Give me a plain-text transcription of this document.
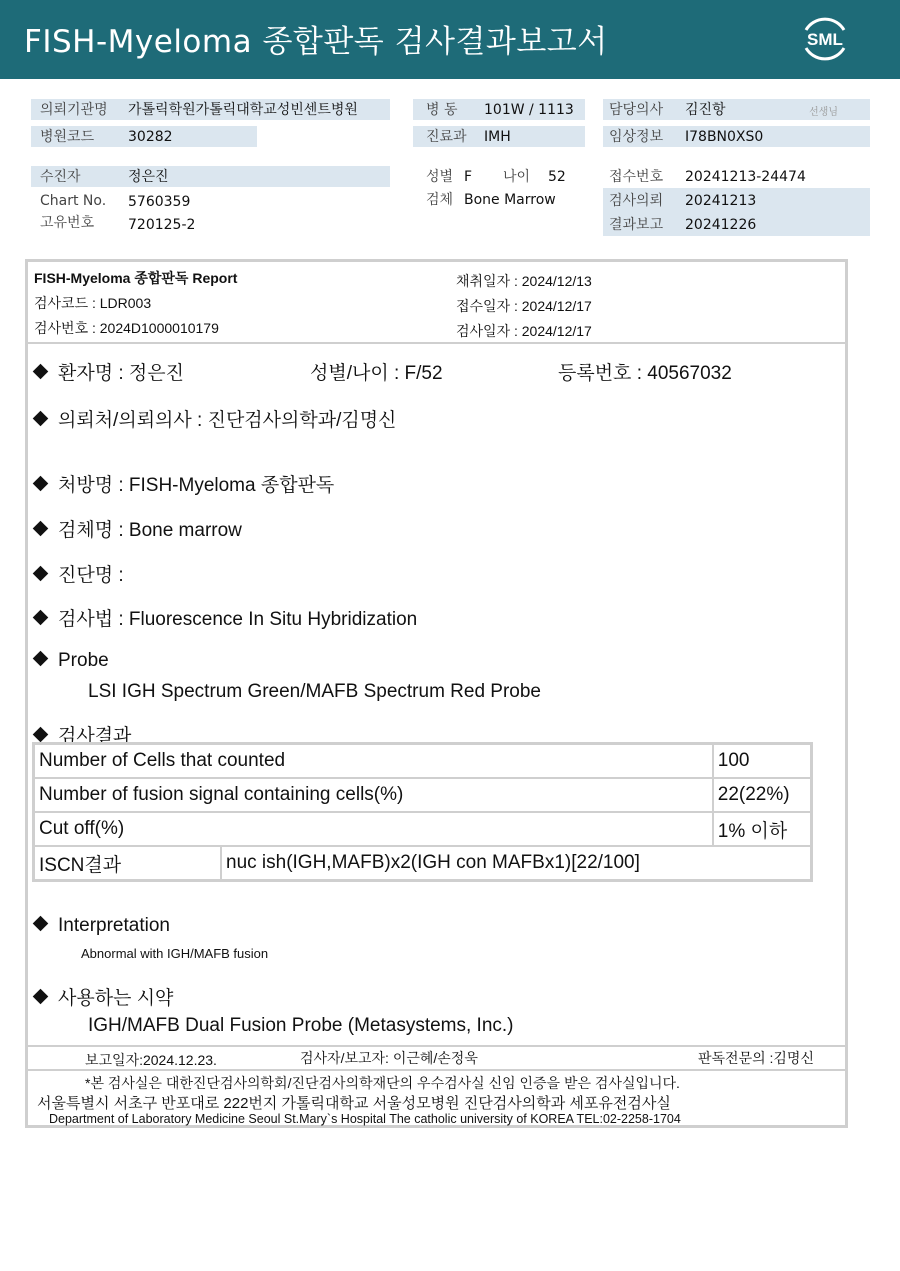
FISH-Myeloma 종합판독 검사결과보고서	SML
의뢰기관명 가톨릭학원가톨릭대학교성빈센트병원
병원코드 30282
병 동 101W / 1113
진료과 IMH
담당의사 김진항	선생님
임상정보 I78BN0XS0
수진자	정은진
Chart No. 5760359
고유번호 720125-2
성별 F 나이 52
검체 Bone Marrow
접수번호 20241213-24474
검사의뢰 20241213
결과보고 20241226
FISH-Myeloma 종합판독 Report
검사코드 : LDR003
검사번호 : 2024D1000010179
채취일자 : 2024/12/13
접수일자 : 2024/12/17
검사일자 : 2024/12/17
환자명 : 정은진	성별/나이 : F/52	등록번호 : 40567032
의뢰처/의뢰의사 : 진단검사의학과/김명신
처방명 : FISH-Myeloma 종합판독
검체명 : Bone marrow
진단명 :
검사법 : Fluorescence In Situ Hybridization
Probe
LSI IGH Spectrum Green/MAFB Spectrum Red Probe
검사결과
Number of Cells that counted		100
Number of fusion signal containing cells(%)		22(22%)
Cut off(%)		1% 이하
ISCN결과	nuc ish(IGH,MAFB)x2(IGH con MAFBx1)[22/100]	
Interpretation
Abnormal with IGH/MAFB fusion
사용하는 시약
IGH/MAFB Dual Fusion Probe (Metasystems, Inc.)
보고일자:2024.12.23.	검사자/보고자: 이근혜/손정욱	판독전문의 :김명신
*본 검사실은 대한진단검사의학회/진단검사의학재단의 우수검사실 신임 인증을 받은 검사실입니다.
서울특별시 서초구 반포대로 222번지 가톨릭대학교 서울성모병원 진단검사의학과 세포유전검사실
Department of Laboratory Medicine Seoul St.Mary`s Hospital The catholic university of KOREA TEL:02-2258-1704
